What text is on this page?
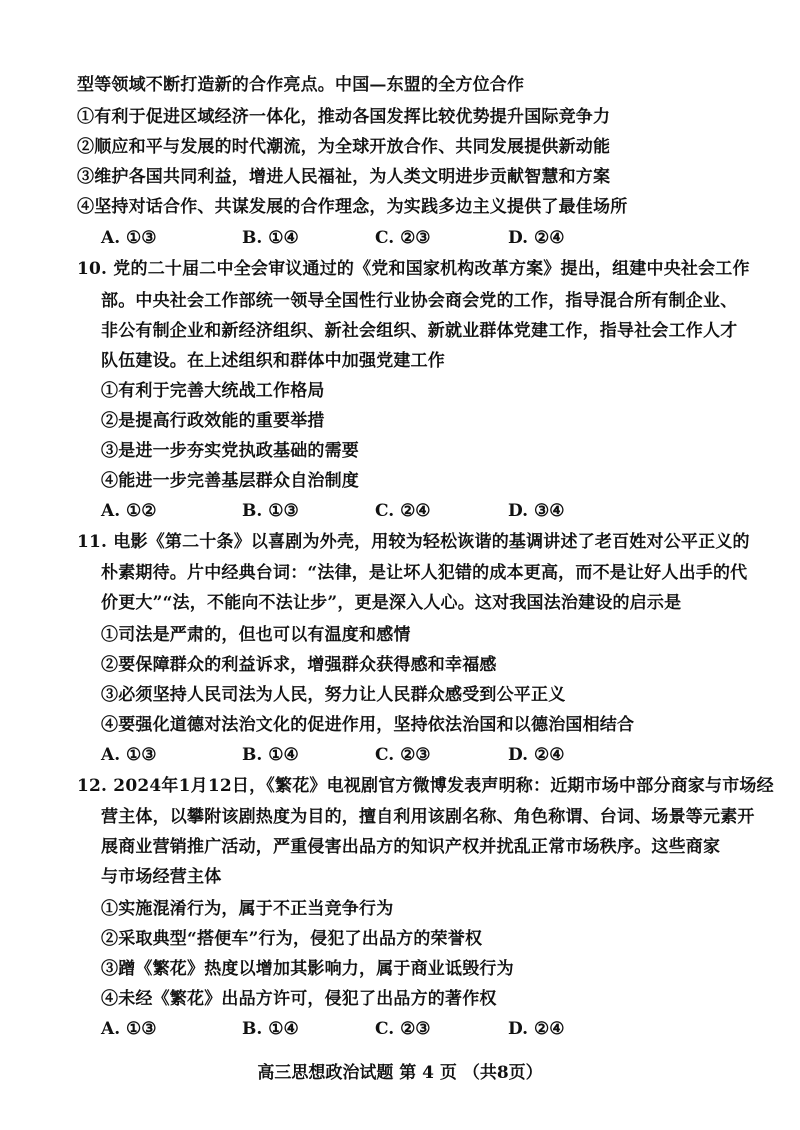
型等领域不断打造新的合作亮点。中国—东盟的全方位合作
①有利于促进区域经济一体化，推动各国发挥比较优势提升国际竞争力
②顺应和平与发展的时代潮流，为全球开放合作、共同发展提供新动能
③维护各国共同利益，增进人民福祉，为人类文明进步贡献智慧和方案
④坚持对话合作、共谋发展的合作理念，为实践多边主义提供了最佳场所
A. ①③	B. ①④	C. ②③	D. ②④
10. 党的二十届二中全会审议通过的《党和国家机构改革方案》提出，组建中央社会工作
部。中央社会工作部统一领导全国性行业协会商会党的工作，指导混合所有制企业、
非公有制企业和新经济组织、新社会组织、新就业群体党建工作，指导社会工作人才
队伍建设。在上述组织和群体中加强党建工作
①有利于完善大统战工作格局
②是提高行政效能的重要举措
③是进一步夯实党执政基础的需要
④能进一步完善基层群众自治制度
A. ①②	B. ①③	C. ②④	D. ③④
11. 电影《第二十条》以喜剧为外壳，用较为轻松诙谐的基调讲述了老百姓对公平正义的
朴素期待。片中经典台词：“法律，是让坏人犯错的成本更高，而不是让好人出手的代
价更大”“法，不能向不法让步”，更是深入人心。这对我国法治建设的启示是
①司法是严肃的，但也可以有温度和感情
②要保障群众的利益诉求，增强群众获得感和幸福感
③必须坚持人民司法为人民，努力让人民群众感受到公平正义
④要强化道德对法治文化的促进作用，坚持依法治国和以德治国相结合
A. ①③	B. ①④	C. ②③	D. ②④
12. 2024年1月12日，《繁花》电视剧官方微博发表声明称：近期市场中部分商家与市场经
营主体，以攀附该剧热度为目的，擅自利用该剧名称、角色称谓、台词、场景等元素开
展商业营销推广活动，严重侵害出品方的知识产权并扰乱正常市场秩序。这些商家
与市场经营主体
①实施混淆行为，属于不正当竞争行为
②采取典型“搭便车”行为，侵犯了出品方的荣誉权
③蹭《繁花》热度以增加其影响力，属于商业诋毁行为
④未经《繁花》出品方许可，侵犯了出品方的著作权
A. ①③	B. ①④	C. ②③	D. ②④
高三思想政治试题 第 4 页 （共8页）
